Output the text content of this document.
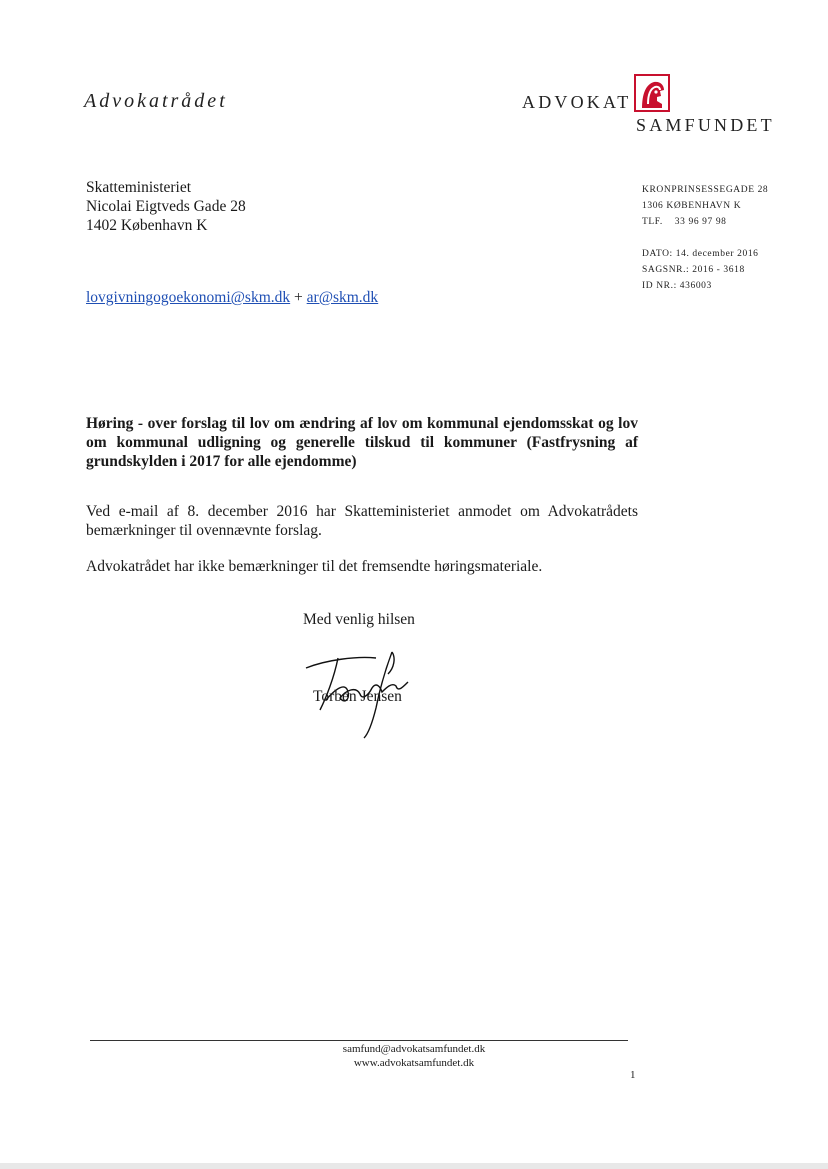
Advokatrådet	ADVOKAT
SAMFUNDET
Skatteministeriet
Nicolai Eigtveds Gade 28
1402 København K
KRONPRINSESSEGADE 28
1306 KØBENHAVN K
TLF.    33 96 97 98
DATO: 14. december 2016
SAGSNR.: 2016 - 3618
ID NR.: 436003
lovgivningogoekonomi@skm.dk + ar@skm.dk
Høring - over forslag til lov om ændring af lov om kommunal ejendomsskat og lov om kommunal udligning og generelle tilskud til kommuner (Fastfrysning af grundskylden i 2017 for alle ejendomme)
Ved e-mail af 8. december 2016 har Skatteministeriet anmodet om Advokatrådets bemærkninger til ovennævnte forslag.
Advokatrådet har ikke bemærkninger til det fremsendte høringsmateriale.
Med venlig hilsen
Torben Jensen
samfund@advokatsamfundet.dk
www.advokatsamfundet.dk
1
